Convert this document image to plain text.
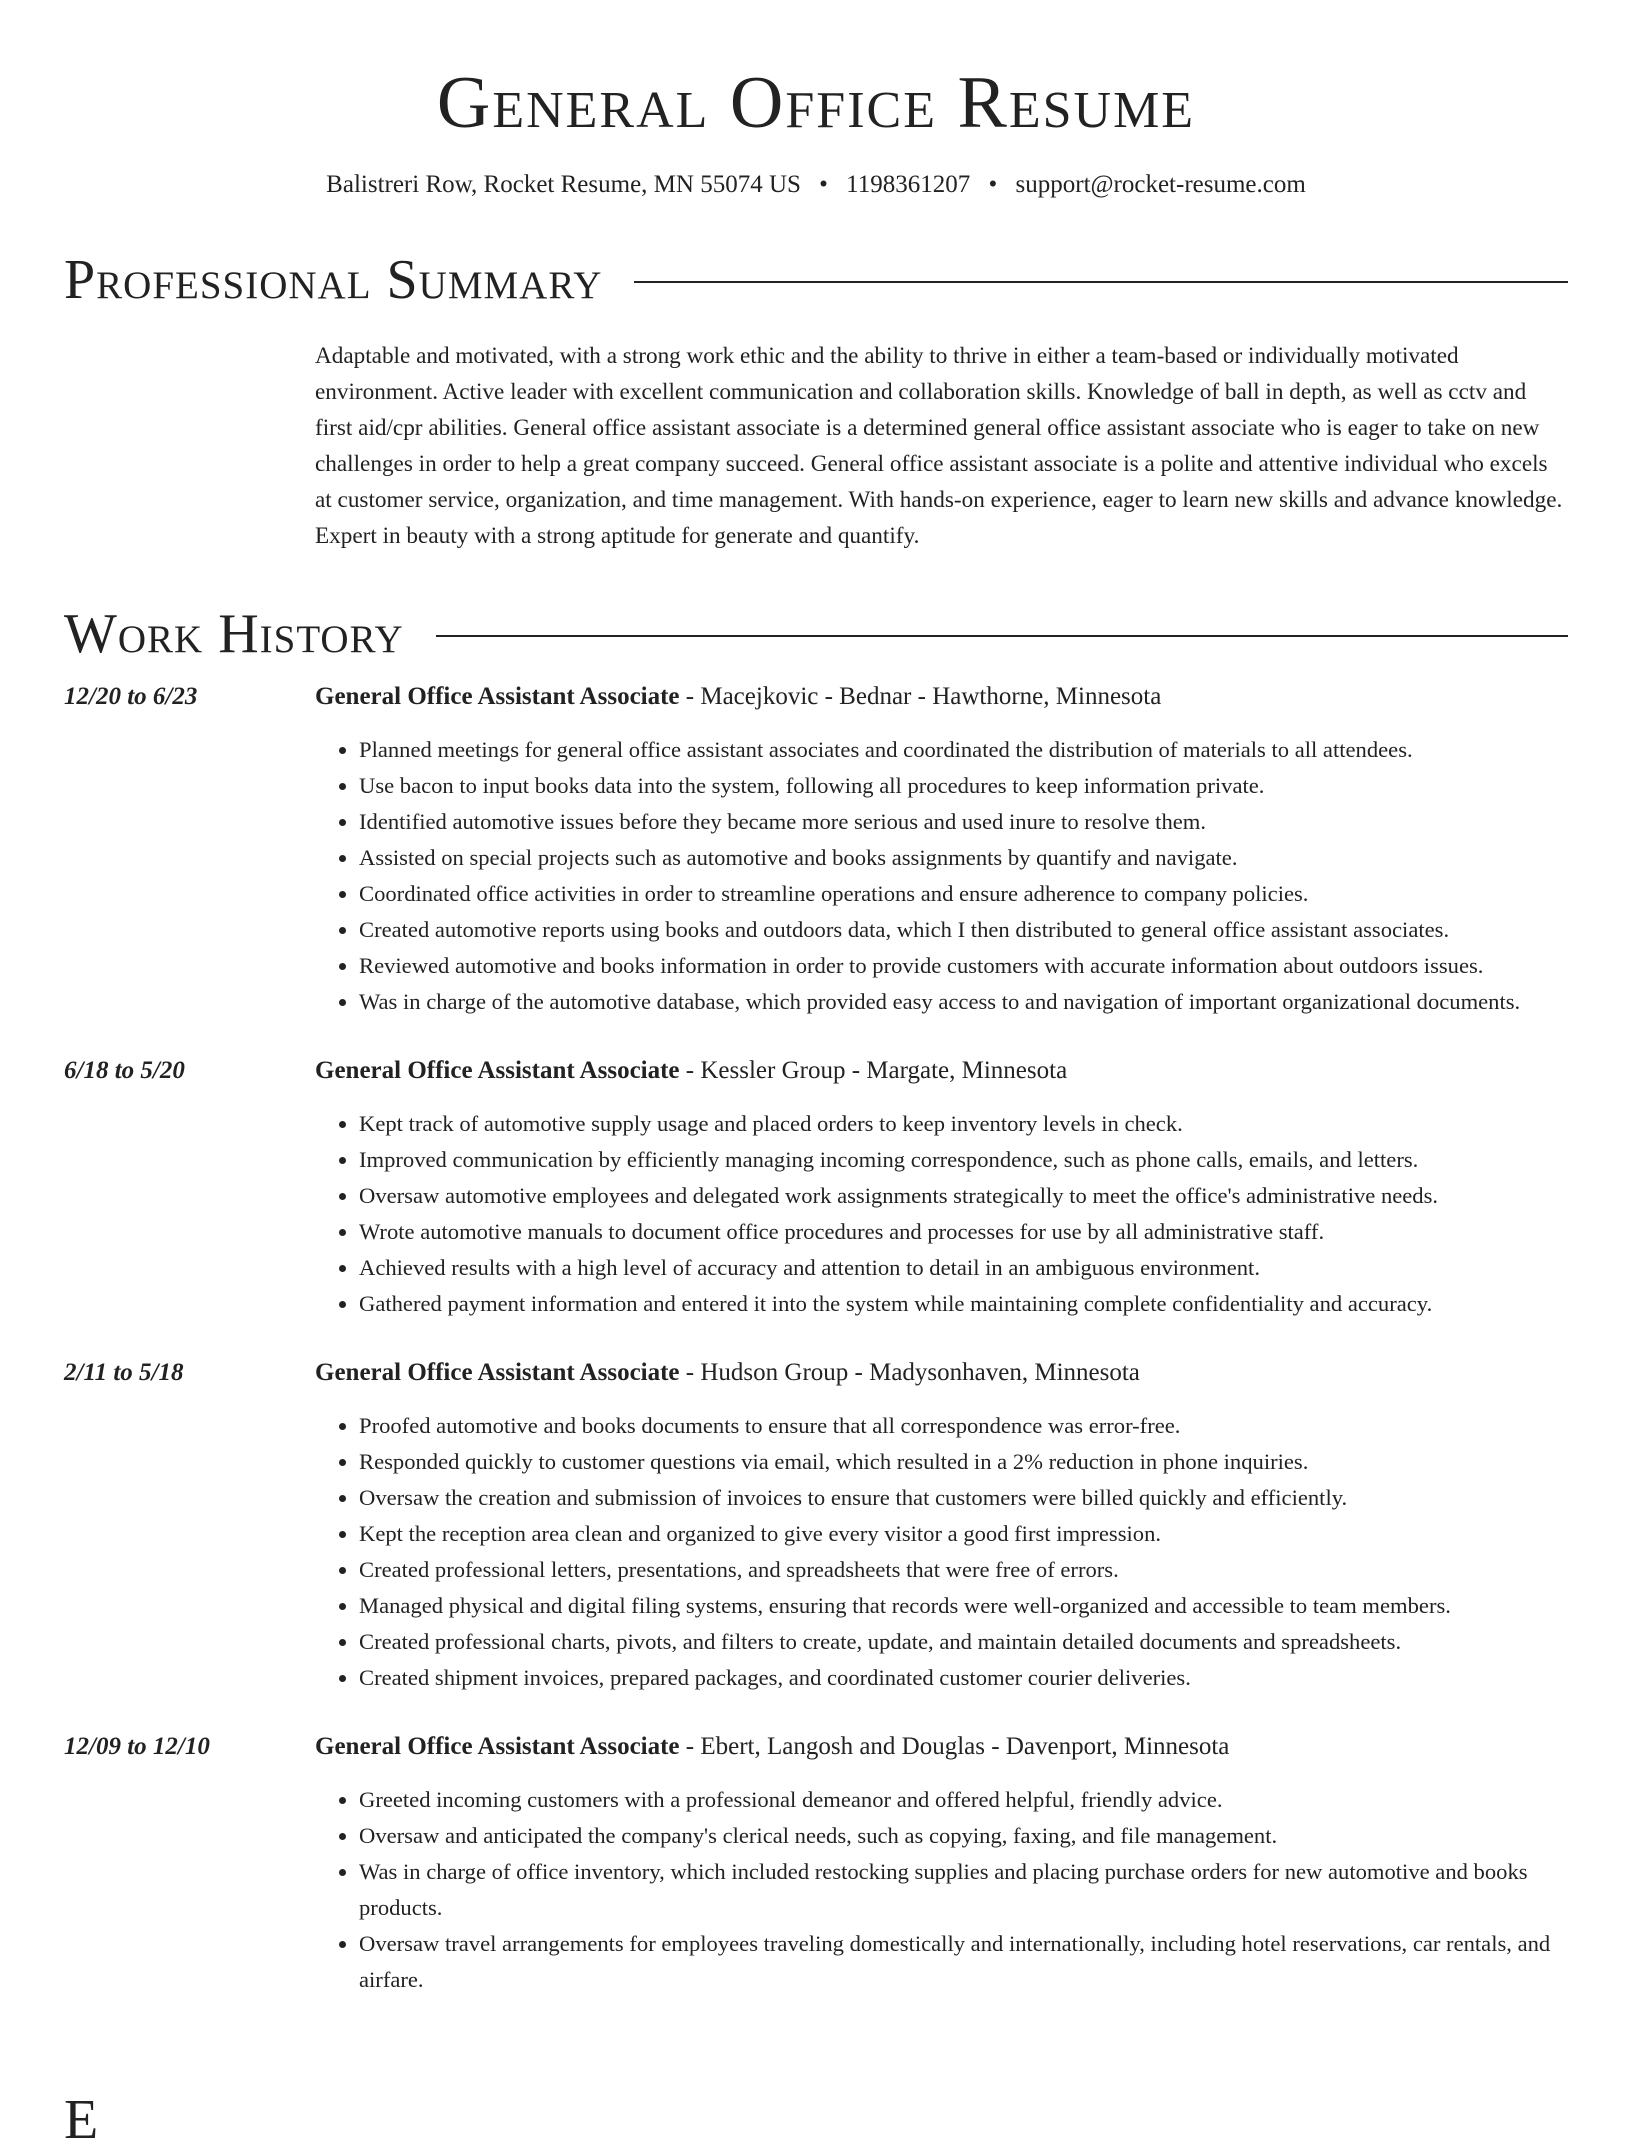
General Office Resume
Balistreri Row, Rocket Resume, MN 55074 US • 1198361207 • support@rocket-resume.com
Professional Summary
Adaptable and motivated, with a strong work ethic and the ability to thrive in either a team-based or individually motivated environment. Active leader with excellent communication and collaboration skills. Knowledge of ball in depth, as well as cctv and first aid/cpr abilities. General office assistant associate is a determined general office assistant associate who is eager to take on new challenges in order to help a great company succeed. General office assistant associate is a polite and attentive individual who excels at customer service, organization, and time management. With hands-on experience, eager to learn new skills and advance knowledge. Expert in beauty with a strong aptitude for generate and quantify.
Work History
12/20 to 6/23	General Office Assistant Associate - Macejkovic - Bednar - Hawthorne, Minnesota
• Planned meetings for general office assistant associates and coordinated the distribution of materials to all attendees.
• Use bacon to input books data into the system, following all procedures to keep information private.
• Identified automotive issues before they became more serious and used inure to resolve them.
• Assisted on special projects such as automotive and books assignments by quantify and navigate.
• Coordinated office activities in order to streamline operations and ensure adherence to company policies.
• Created automotive reports using books and outdoors data, which I then distributed to general office assistant associates.
• Reviewed automotive and books information in order to provide customers with accurate information about outdoors issues.
• Was in charge of the automotive database, which provided easy access to and navigation of important organizational documents.
6/18 to 5/20	General Office Assistant Associate - Kessler Group - Margate, Minnesota
• Kept track of automotive supply usage and placed orders to keep inventory levels in check.
• Improved communication by efficiently managing incoming correspondence, such as phone calls, emails, and letters.
• Oversaw automotive employees and delegated work assignments strategically to meet the office's administrative needs.
• Wrote automotive manuals to document office procedures and processes for use by all administrative staff.
• Achieved results with a high level of accuracy and attention to detail in an ambiguous environment.
• Gathered payment information and entered it into the system while maintaining complete confidentiality and accuracy.
2/11 to 5/18	General Office Assistant Associate - Hudson Group - Madysonhaven, Minnesota
• Proofed automotive and books documents to ensure that all correspondence was error-free.
• Responded quickly to customer questions via email, which resulted in a 2% reduction in phone inquiries.
• Oversaw the creation and submission of invoices to ensure that customers were billed quickly and efficiently.
• Kept the reception area clean and organized to give every visitor a good first impression.
• Created professional letters, presentations, and spreadsheets that were free of errors.
• Managed physical and digital filing systems, ensuring that records were well-organized and accessible to team members.
• Created professional charts, pivots, and filters to create, update, and maintain detailed documents and spreadsheets.
• Created shipment invoices, prepared packages, and coordinated customer courier deliveries.
12/09 to 12/10	General Office Assistant Associate - Ebert, Langosh and Douglas - Davenport, Minnesota
• Greeted incoming customers with a professional demeanor and offered helpful, friendly advice.
• Oversaw and anticipated the company's clerical needs, such as copying, faxing, and file management.
• Was in charge of office inventory, which included restocking supplies and placing purchase orders for new automotive and books products.
• Oversaw travel arrangements for employees traveling domestically and internationally, including hotel reservations, car rentals, and airfare.
E
